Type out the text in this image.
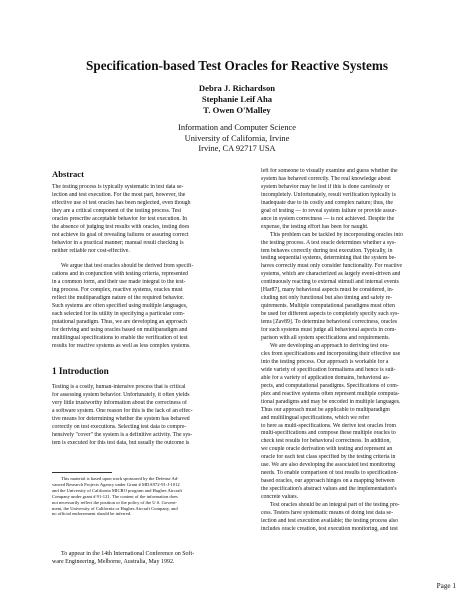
Specification-based Test Oracles for Reactive Systems
Debra J. Richardson
Stephanie Leif Aha
T. Owen O'Malley
Information and Computer Science
University of California, Irvine
Irvine, CA 92717 USA
Abstract
The testing process is typically systematic in test data se-
lection and test execution. For the most part, however, the
effective use of test oracles has been neglected, even though
they are a critical component of the testing process. Test
oracles prescribe acceptable behavior for test execution. In
the absence of judging test results with oracles, testing does
not achieve its goal of revealing failures or assuring correct
behavior in a practical manner; manual result checking is
neither reliable nor cost-effective.
We argue that test oracles should be derived from specifi-
cations and in conjunction with testing criteria, represented
in a common form, and their use made integral to the test-
ing process. For complex, reactive systems, oracles must
reflect the multiparadigm nature of the required behavior.
Such systems are often specified using multiple languages,
each selected for its utility in specifying a particular com-
putational paradigm. Thus, we are developing an approach
for deriving and using oracles based on multiparadigm and
multilingual specifications to enable the verification of test
results for reactive systems as well as less complex systems.
1 Introduction
Testing is a costly, human-intensive process that is critical
for assessing system behavior. Unfortunately, it often yields
very little trustworthy information about the correctness of
a software system. One reason for this is the lack of an effec-
tive means for determining whether the system has behaved
correctly on test executions. Selecting test data to compre-
hensively "cover" the system is a definitive activity. The sys-
tem is executed for this test data, but usually the outcome is
This material is based upon work sponsored by the Defense Ad-
vanced Research Projects Agency under Grant # MDA972-91-J-1012
and the University of California MICRO program and Hughes Aircraft
Company under grant # 91-121. The content of the information does
not necessarily reflect the position or the policy of the U.S. Govern-
ment, the University of California or Hughes Aircraft Company, and
no official endorsement should be inferred.
To appear in the 14th International Conference on Soft-
ware Engineering, Melborne, Australia, May 1992.
left for someone to visually examine and guess whether the
system has behaved correctly. The real knowledge about
system behavior may be lost if this is done carelessly or
incompletely. Unfortunately, result verification typically is
inadequate due to its costly and complex nature; thus, the
goal of testing — to reveal system failure or provide assur-
ance in system correctness — is not achieved. Despite the
expense, the testing effort has been for naught.
This problem can be tackled by incorporating oracles into
the testing process. A test oracle determines whether a sys-
tem behaves correctly during test execution. Typically, in
testing sequential systems, determining that the system be-
haves correctly must only consider functionality. For reactive
systems, which are characterized as largely event-driven and
continuously reacting to external stimuli and internal events
[Har87], many behavioral aspects must be considered, in-
cluding not only functional but also timing and safety re-
quirements. Multiple computational paradigms must often
be used for different aspects to completely specify such sys-
tems [Zav89]. To determine behavioral correctness, oracles
for such systems must judge all behavioral aspects in com-
parison with all system specifications and requirements.
We are developing an approach to deriving test ora-
cles from specifications and incorporating their effective use
into the testing process. Our approach is workable for a
wide variety of specification formalisms and hence is suit-
able for a variety of application domains, behavioral as-
pects, and computational paradigms. Specifications of com-
plex and reactive systems often represent multiple computa-
tional paradigms and may be encoded in multiple languages.
Thus our approach must be applicable to multiparadigm
and multilingual specifications, which we refer
to here as multi-specifications. We derive test oracles from
multi-specifications and compose these multiple oracles to
check test results for behavioral correctness. In addition,
we couple oracle derivation with testing and represent an
oracle for each test class specified by the testing criteria in
use. We are also developing the associated test monitoring
needs. To enable comparison of test results to specification-
based oracles, our approach hinges on a mapping between
the specification's abstract values and the implementation's
concrete values.
Test oracles should be an integral part of the testing pro-
cess. Testers have systematic means of doing test data se-
lection and test execution available; the testing process also
includes oracle creation, test execution monitoring, and test
Page 1
